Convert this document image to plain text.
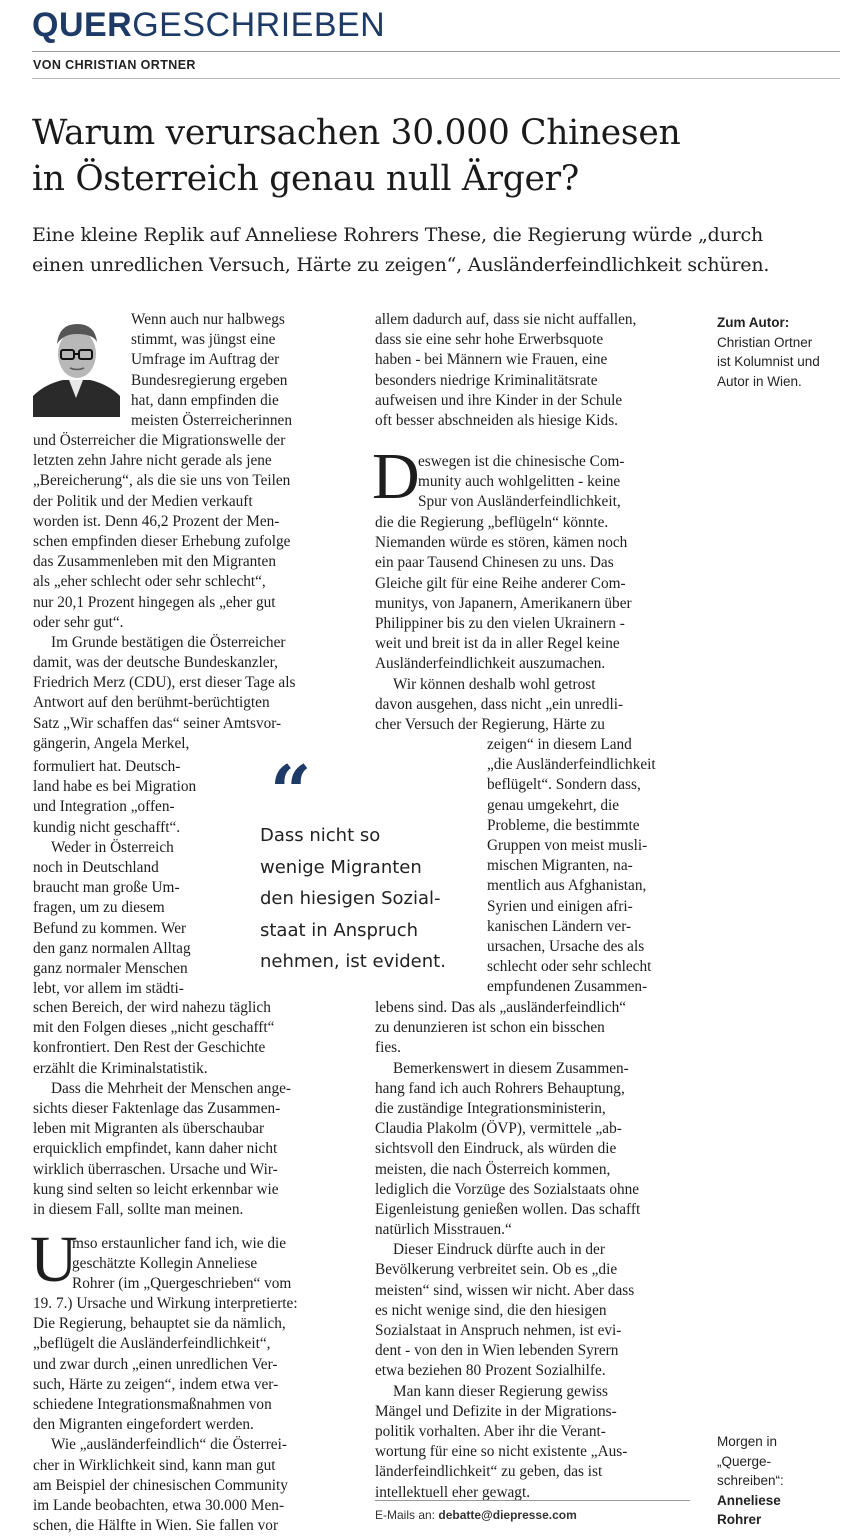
QUERGESCHRIEBEN
VON CHRISTIAN ORTNER
Warum verursachen 30.000 Chinesen
in Österreich genau null Ärger?
Eine kleine Replik auf Anneliese Rohrers These, die Regierung würde „durch
einen unredlichen Versuch, Härte zu zeigen“, Ausländerfeindlichkeit schüren.
Wenn auch nur halbwegs
stimmt, was jüngst eine
Umfrage im Auftrag der
Bundesregierung ergeben
hat, dann empfinden die
meisten Österreicherinnen
und Österreicher die Migrationswelle der
letzten zehn Jahre nicht gerade als jene
„Bereicherung“, als die sie uns von Teilen
der Politik und der Medien verkauft
worden ist. Denn 46,2 Prozent der Men-
schen empfinden dieser Erhebung zufolge
das Zusammenleben mit den Migranten
als „eher schlecht oder sehr schlecht“,
nur 20,1 Prozent hingegen als „eher gut
oder sehr gut“.
Im Grunde bestätigen die Österreicher
damit, was der deutsche Bundeskanzler,
Friedrich Merz (CDU), erst dieser Tage als
Antwort auf den berühmt-berüchtigten
Satz „Wir schaffen das“ seiner Amtsvor-
gängerin, Angela Merkel,
formuliert hat. Deutsch-
land habe es bei Migration
und Integration „offen-
kundig nicht geschafft“.
Weder in Österreich
noch in Deutschland
braucht man große Um-
fragen, um zu diesem
Befund zu kommen. Wer
den ganz normalen Alltag
ganz normaler Menschen
lebt, vor allem im städti-
schen Bereich, der wird nahezu täglich
mit den Folgen dieses „nicht geschafft“
konfrontiert. Den Rest der Geschichte
erzählt die Kriminalstatistik.
Dass die Mehrheit der Menschen ange-
sichts dieser Faktenlage das Zusammen-
leben mit Migranten als überschaubar
erquicklich empfindet, kann daher nicht
wirklich überraschen. Ursache und Wir-
kung sind selten so leicht erkennbar wie
in diesem Fall, sollte man meinen.
U
mso erstaunlicher fand ich, wie die
geschätzte Kollegin Anneliese
Rohrer (im „Quergeschrieben“ vom
19. 7.) Ursache und Wirkung interpretierte:
Die Regierung, behauptet sie da nämlich,
„beflügelt die Ausländerfeindlichkeit“,
und zwar durch „einen unredlichen Ver-
such, Härte zu zeigen“, indem etwa ver-
schiedene Integrationsmaßnahmen von
den Migranten eingefordert werden.
Wie „ausländerfeindlich“ die Österrei-
cher in Wirklichkeit sind, kann man gut
am Beispiel der chinesischen Community
im Lande beobachten, etwa 30.000 Men-
schen, die Hälfte in Wien. Sie fallen vor
allem dadurch auf, dass sie nicht auffallen,
dass sie eine sehr hohe Erwerbsquote
haben - bei Männern wie Frauen, eine
besonders niedrige Kriminalitätsrate
aufweisen und ihre Kinder in der Schule
oft besser abschneiden als hiesige Kids.
D
eswegen ist die chinesische Com-
munity auch wohlgelitten - keine
Spur von Ausländerfeindlichkeit,
die die Regierung „beflügeln“ könnte.
Niemanden würde es stören, kämen noch
ein paar Tausend Chinesen zu uns. Das
Gleiche gilt für eine Reihe anderer Com-
munitys, von Japanern, Amerikanern über
Philippiner bis zu den vielen Ukrainern -
weit und breit ist da in aller Regel keine
Ausländerfeindlichkeit auszumachen.
Wir können deshalb wohl getrost
davon ausgehen, dass nicht „ein unredli-
cher Versuch der Regierung, Härte zu
zeigen“ in diesem Land
„die Ausländerfeindlichkeit
beflügelt“. Sondern dass,
genau umgekehrt, die
Probleme, die bestimmte
Gruppen von meist musli-
mischen Migranten, na-
mentlich aus Afghanistan,
Syrien und einigen afri-
kanischen Ländern ver-
ursachen, Ursache des als
schlecht oder sehr schlecht
empfundenen Zusammen-
lebens sind. Das als „ausländerfeindlich“
zu denunzieren ist schon ein bisschen
fies.
Bemerkenswert in diesem Zusammen-
hang fand ich auch Rohrers Behauptung,
die zuständige Integrationsministerin,
Claudia Plakolm (ÖVP), vermittele „ab-
sichtsvoll den Eindruck, als würden die
meisten, die nach Österreich kommen,
lediglich die Vorzüge des Sozialstaats ohne
Eigenleistung genießen wollen. Das schafft
natürlich Misstrauen.“
Dieser Eindruck dürfte auch in der
Bevölkerung verbreitet sein. Ob es „die
meisten“ sind, wissen wir nicht. Aber dass
es nicht wenige sind, die den hiesigen
Sozialstaat in Anspruch nehmen, ist evi-
dent - von den in Wien lebenden Syrern
etwa beziehen 80 Prozent Sozialhilfe.
Man kann dieser Regierung gewiss
Mängel und Defizite in der Migrations-
politik vorhalten. Aber ihr die Verant-
wortung für eine so nicht existente „Aus-
länderfeindlichkeit“ zu geben, das ist
intellektuell eher gewagt.
“
Dass nicht so
wenige Migranten
den hiesigen Sozial-
staat in Anspruch
nehmen, ist evident.
Zum Autor:
Christian Ortner
ist Kolumnist und
Autor in Wien.
Morgen in
„Querge-
schreiben“:
Anneliese
Rohrer
E-Mails an: debatte@diepresse.com
